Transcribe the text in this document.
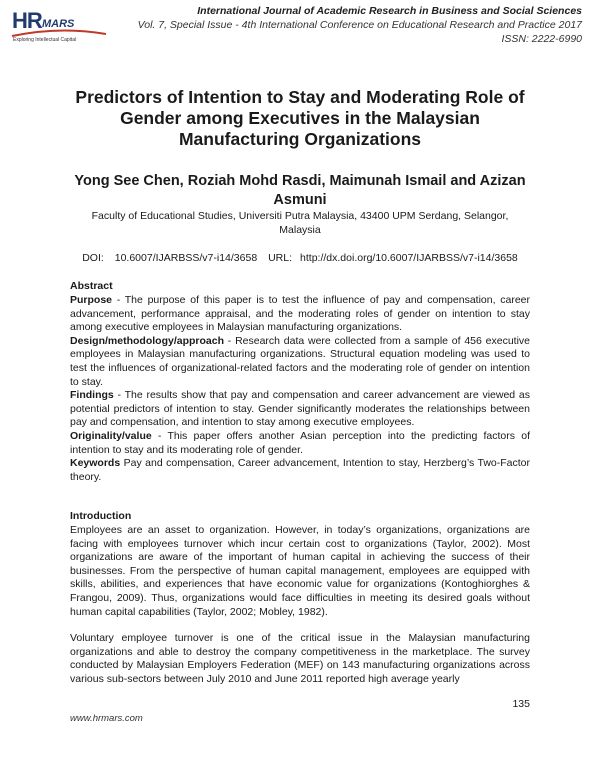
HR MARS
Exploring Intellectual Capital
International Journal of Academic Research in Business and Social Sciences
Vol. 7, Special Issue - 4th International Conference on Educational Research and Practice 2017
ISSN: 2222-6990
Predictors of Intention to Stay and Moderating Role of Gender among Executives in the Malaysian Manufacturing Organizations
Yong See Chen, Roziah Mohd Rasdi, Maimunah Ismail and Azizan Asmuni
Faculty of Educational Studies, Universiti Putra Malaysia, 43400 UPM Serdang, Selangor, Malaysia
DOI: 10.6007/IJARBSS/v7-i14/3658 URL: http://dx.doi.org/10.6007/IJARBSS/v7-i14/3658
Abstract

Purpose - The purpose of this paper is to test the influence of pay and compensation, career advancement, performance appraisal, and the moderating roles of gender on intention to stay among executive employees in Malaysian manufacturing organizations.

Design/methodology/approach - Research data were collected from a sample of 456 executive employees in Malaysian manufacturing organizations. Structural equation modeling was used to test the influences of organizational-related factors and the moderating role of gender on intention to stay.

Findings - The results show that pay and compensation and career advancement are viewed as potential predictors of intention to stay. Gender significantly moderates the relationships between pay and compensation, and intention to stay among executive employees.

Originality/value - This paper offers another Asian perception into the predicting factors of intention to stay and its moderating role of gender.

Keywords Pay and compensation, Career advancement, Intention to stay, Herzberg’s Two-Factor theory.

Introduction

Employees are an asset to organization. However, in today’s organizations, organizations are facing with employees turnover which incur certain cost to organizations (Taylor, 2002). Most organizations are aware of the important of human capital in achieving the success of their businesses. From the perspective of human capital management, employees are equipped with skills, abilities, and experiences that have economic value for organizations (Kontoghiorghes & Frangou, 2009). Thus, organizations would face difficulties in meeting its desired goals without human capital capabilities (Taylor, 2002; Mobley, 1982).

Voluntary employee turnover is one of the critical issue in the Malaysian manufacturing organizations and able to destroy the company competitiveness in the marketplace. The survey conducted by Malaysian Employers Federation (MEF) on 143 manufacturing organizations across various sub-sectors between July 2010 and June 2011 reported high average yearly

135
www.hrmars.com
